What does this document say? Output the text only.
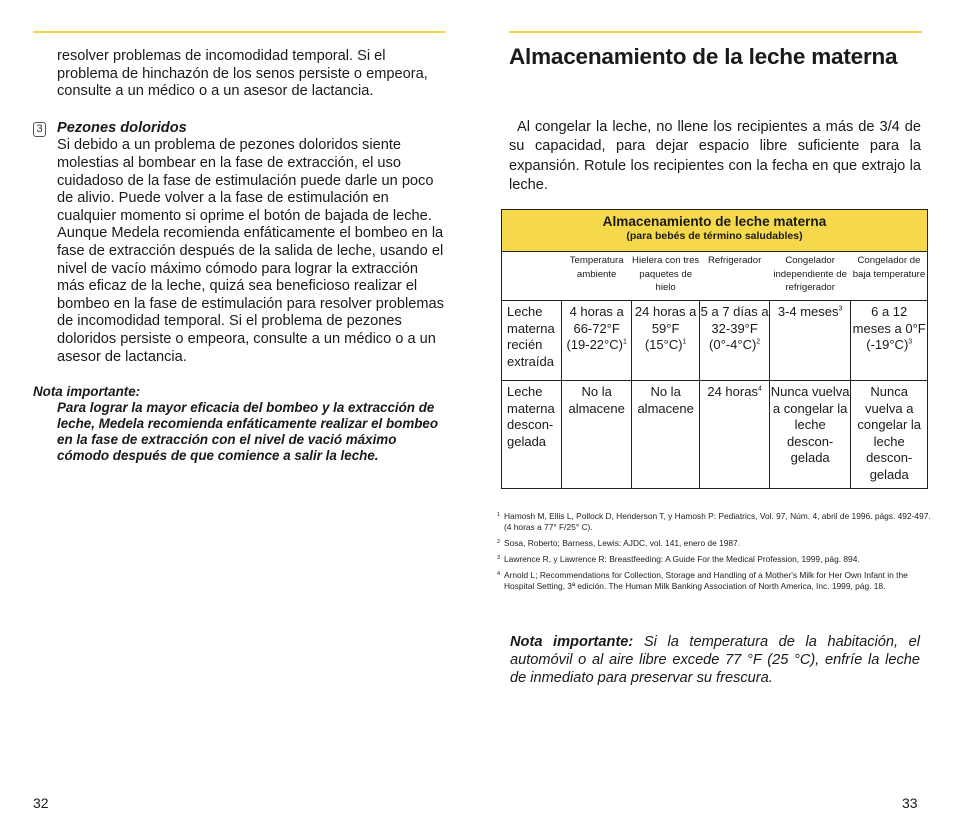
resolver problemas de incomodidad temporal. Si el problema de hinchazón de los senos persiste o empeora, consulte a un médico o a un asesor de lactancia.

3 Pezones doloridos

Si debido a un problema de pezones doloridos siente molestias al bombear en la fase de extracción, el uso cuidadoso de la fase de estimulación puede darle un poco de alivio. Puede volver a la fase de estimulación en cualquier momento si oprime el botón de bajada de leche. Aunque Medela recomienda enfáticamente el bombeo en la fase de extracción después de la salida de leche, usando el nivel de vacío máximo cómodo para lograr la extracción más eficaz de la leche, quizá sea beneficioso realizar el bombeo en la fase de estimulación para resolver problemas de incomodidad temporal. Si el problema de pezones doloridos persiste o empeora, consulte a un médico o a un asesor de lactancia.

Nota importante:

Para lograr la mayor eficacia del bombeo y la extracción de leche, Medela recomienda enfáticamente realizar el bombeo en la fase de extracción con el nivel de vació máximo cómodo después de que comience a salir la leche.

Almacenamiento de la leche materna

Al congelar la leche, no llene los recipientes a más de 3/4 de su capacidad, para dejar espacio libre suficiente para la expansión. Rotule los recipientes con la fecha en que extrajo la leche.

Almacenamiento de leche materna
(para bebés de término saludables)					

	Temperatura ambiente	Hielera con tres paquetes de hielo	Refrigerador	Congelador independiente de refrigerador	Congelador de baja temperature
Leche materna recién extraída	4 horas a 66-72°F $(19-22^\circ C)^1$	24 horas a 59°F $(15^\circ C)^1$	5 a 7 días a 32-39°F $(0^\circ-4^\circ C)^2$	3-4 meses$^3$	6 a 12 meses a 0°F $(-19^\circ C)^3$
Leche materna descon-gelada	No la almacene	No la almacene	24 horas$^4$	Nunca vuelva a congelar la leche descon-gelada	Nunca vuelva a congelar la leche descon-gelada
1 Hamosh M, Ellis L, Pollock D, Henderson T, y Hamosh P: Pediatrics, Vol. 97, Núm. 4, abril de 1996. págs. 492-497. (4 horas a 77° F/25° C).
2 Sosa, Roberto; Barness, Lewis: AJDC, vol. 141, enero de 1987.
3 Lawrence R, y Lawrence R: Breastfeeding: A Guide For the Medical Profession, 1999, pág. 894.
4 Arnold L; Recommendations for Collection, Storage and Handling of a Mother's Milk for Her Own Infant in the Hospital Setting, 3ª edición. The Human Milk Banking Association of North America, Inc. 1999, pág. 18.

Nota importante: Si la temperatura de la habitación, el automóvil o al aire libre excede 77 °F (25 °C), enfríe la leche de inmediato para preservar su frescura.

32	33
